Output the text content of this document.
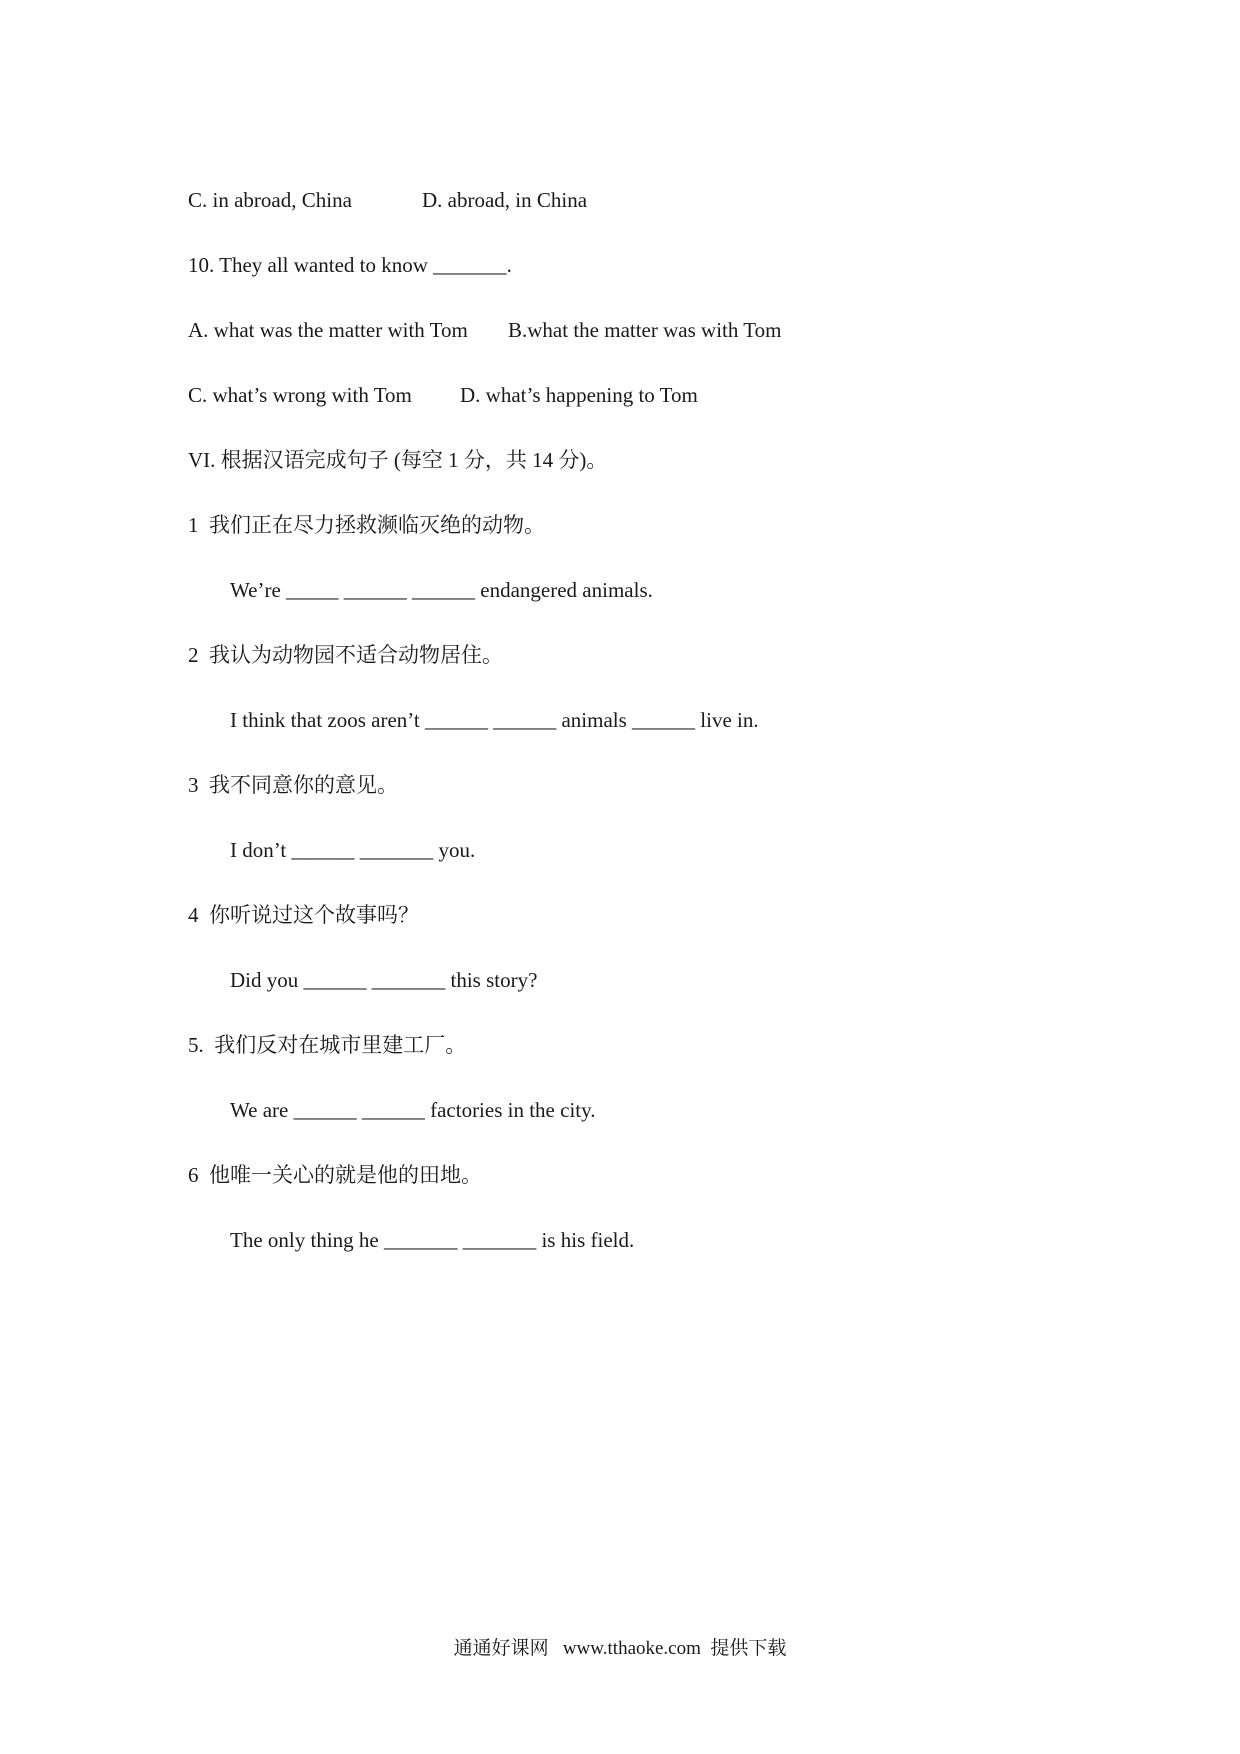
C. in abroad, China	D. abroad, in China
10. They all wanted to know _______.
A. what was the matter with Tom B.what the matter was with Tom
C. what’s wrong with Tom D. what’s happening to Tom
VI. 根据汉语完成句子 (每空 1 分，共 14 分)。
1  我们正在尽力拯救濒临灭绝的动物。
We’re _____ ______ ______ endangered animals.
2  我认为动物园不适合动物居住。
I think that zoos aren’t ______ ______ animals ______ live in.
3  我不同意你的意见。
I don’t ______ _______ you.
4  你听说过这个故事吗？
Did you ______ _______ this story?
5.  我们反对在城市里建工厂。
We are ______ ______ factories in the city.
6  他唯一关心的就是他的田地。
The only thing he _______ _______ is his field.
通通好课网   www.tthaoke.com  提供下载
